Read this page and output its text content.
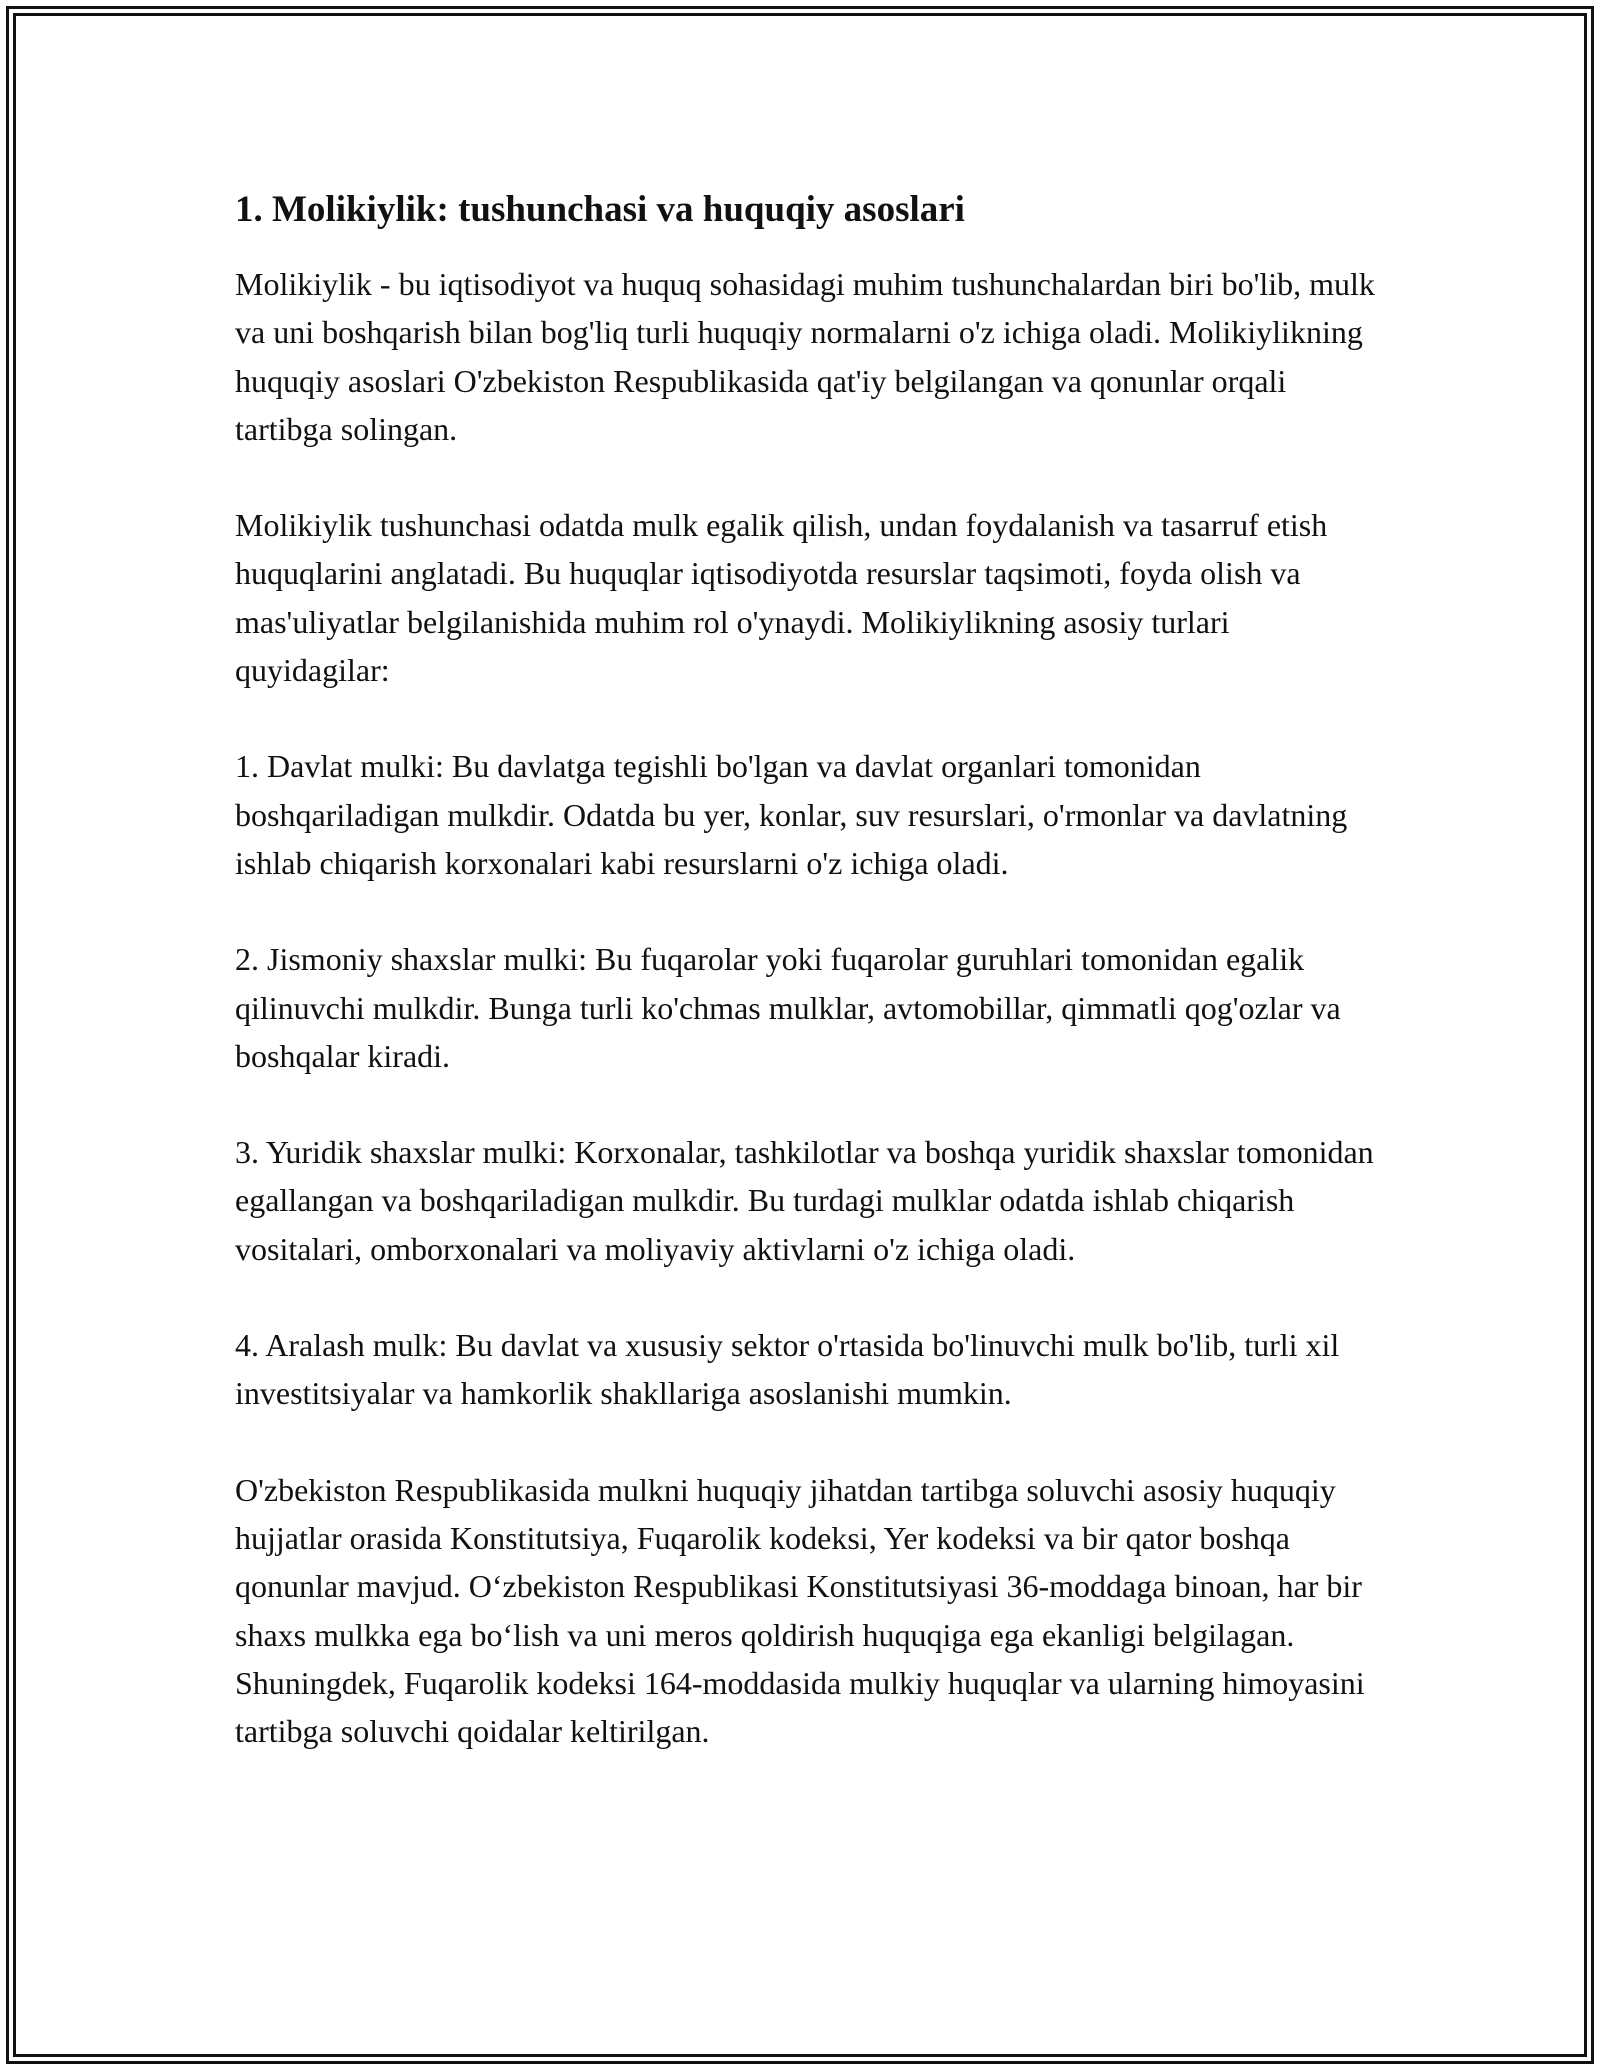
1. Molikiylik: tushunchasi va huquqiy asoslari

Molikiylik - bu iqtisodiyot va huquq sohasidagi muhim tushunchalardan biri bo'lib, mulk va uni boshqarish bilan bog'liq turli huquqiy normalarni o'z ichiga oladi. Molikiylikning huquqiy asoslari O'zbekiston Respublikasida qat'iy belgilangan va qonunlar orqali tartibga solingan.

Molikiylik tushunchasi odatda mulk egalik qilish, undan foydalanish va tasarruf etish huquqlarini anglatadi. Bu huquqlar iqtisodiyotda resurslar taqsimoti, foyda olish va mas'uliyatlar belgilanishida muhim rol o'ynaydi. Molikiylikning asosiy turlari quyidagilar:

1. Davlat mulki: Bu davlatga tegishli bo'lgan va davlat organlari tomonidan boshqariladigan mulkdir. Odatda bu yer, konlar, suv resurslari, o'rmonlar va davlatning ishlab chiqarish korxonalari kabi resurslarni o'z ichiga oladi.

2. Jismoniy shaxslar mulki: Bu fuqarolar yoki fuqarolar guruhlari tomonidan egalik qilinuvchi mulkdir. Bunga turli ko'chmas mulklar, avtomobillar, qimmatli qog'ozlar va boshqalar kiradi.

3. Yuridik shaxslar mulki: Korxonalar, tashkilotlar va boshqa yuridik shaxslar tomonidan egallangan va boshqariladigan mulkdir. Bu turdagi mulklar odatda ishlab chiqarish vositalari, omborxonalari va moliyaviy aktivlarni o'z ichiga oladi.

4. Aralash mulk: Bu davlat va xususiy sektor o'rtasida bo'linuvchi mulk bo'lib, turli xil investitsiyalar va hamkorlik shakllariga asoslanishi mumkin.

O'zbekiston Respublikasida mulkni huquqiy jihatdan tartibga soluvchi asosiy huquqiy hujjatlar orasida Konstitutsiya, Fuqarolik kodeksi, Yer kodeksi va bir qator boshqa qonunlar mavjud. O‘zbekiston Respublikasi Konstitutsiyasi 36-moddaga binoan, har bir shaxs mulkka ega bo‘lish va uni meros qoldirish huquqiga ega ekanligi belgilagan. Shuningdek, Fuqarolik kodeksi 164-moddasida mulkiy huquqlar va ularning himoyasini tartibga soluvchi qoidalar keltirilgan.
